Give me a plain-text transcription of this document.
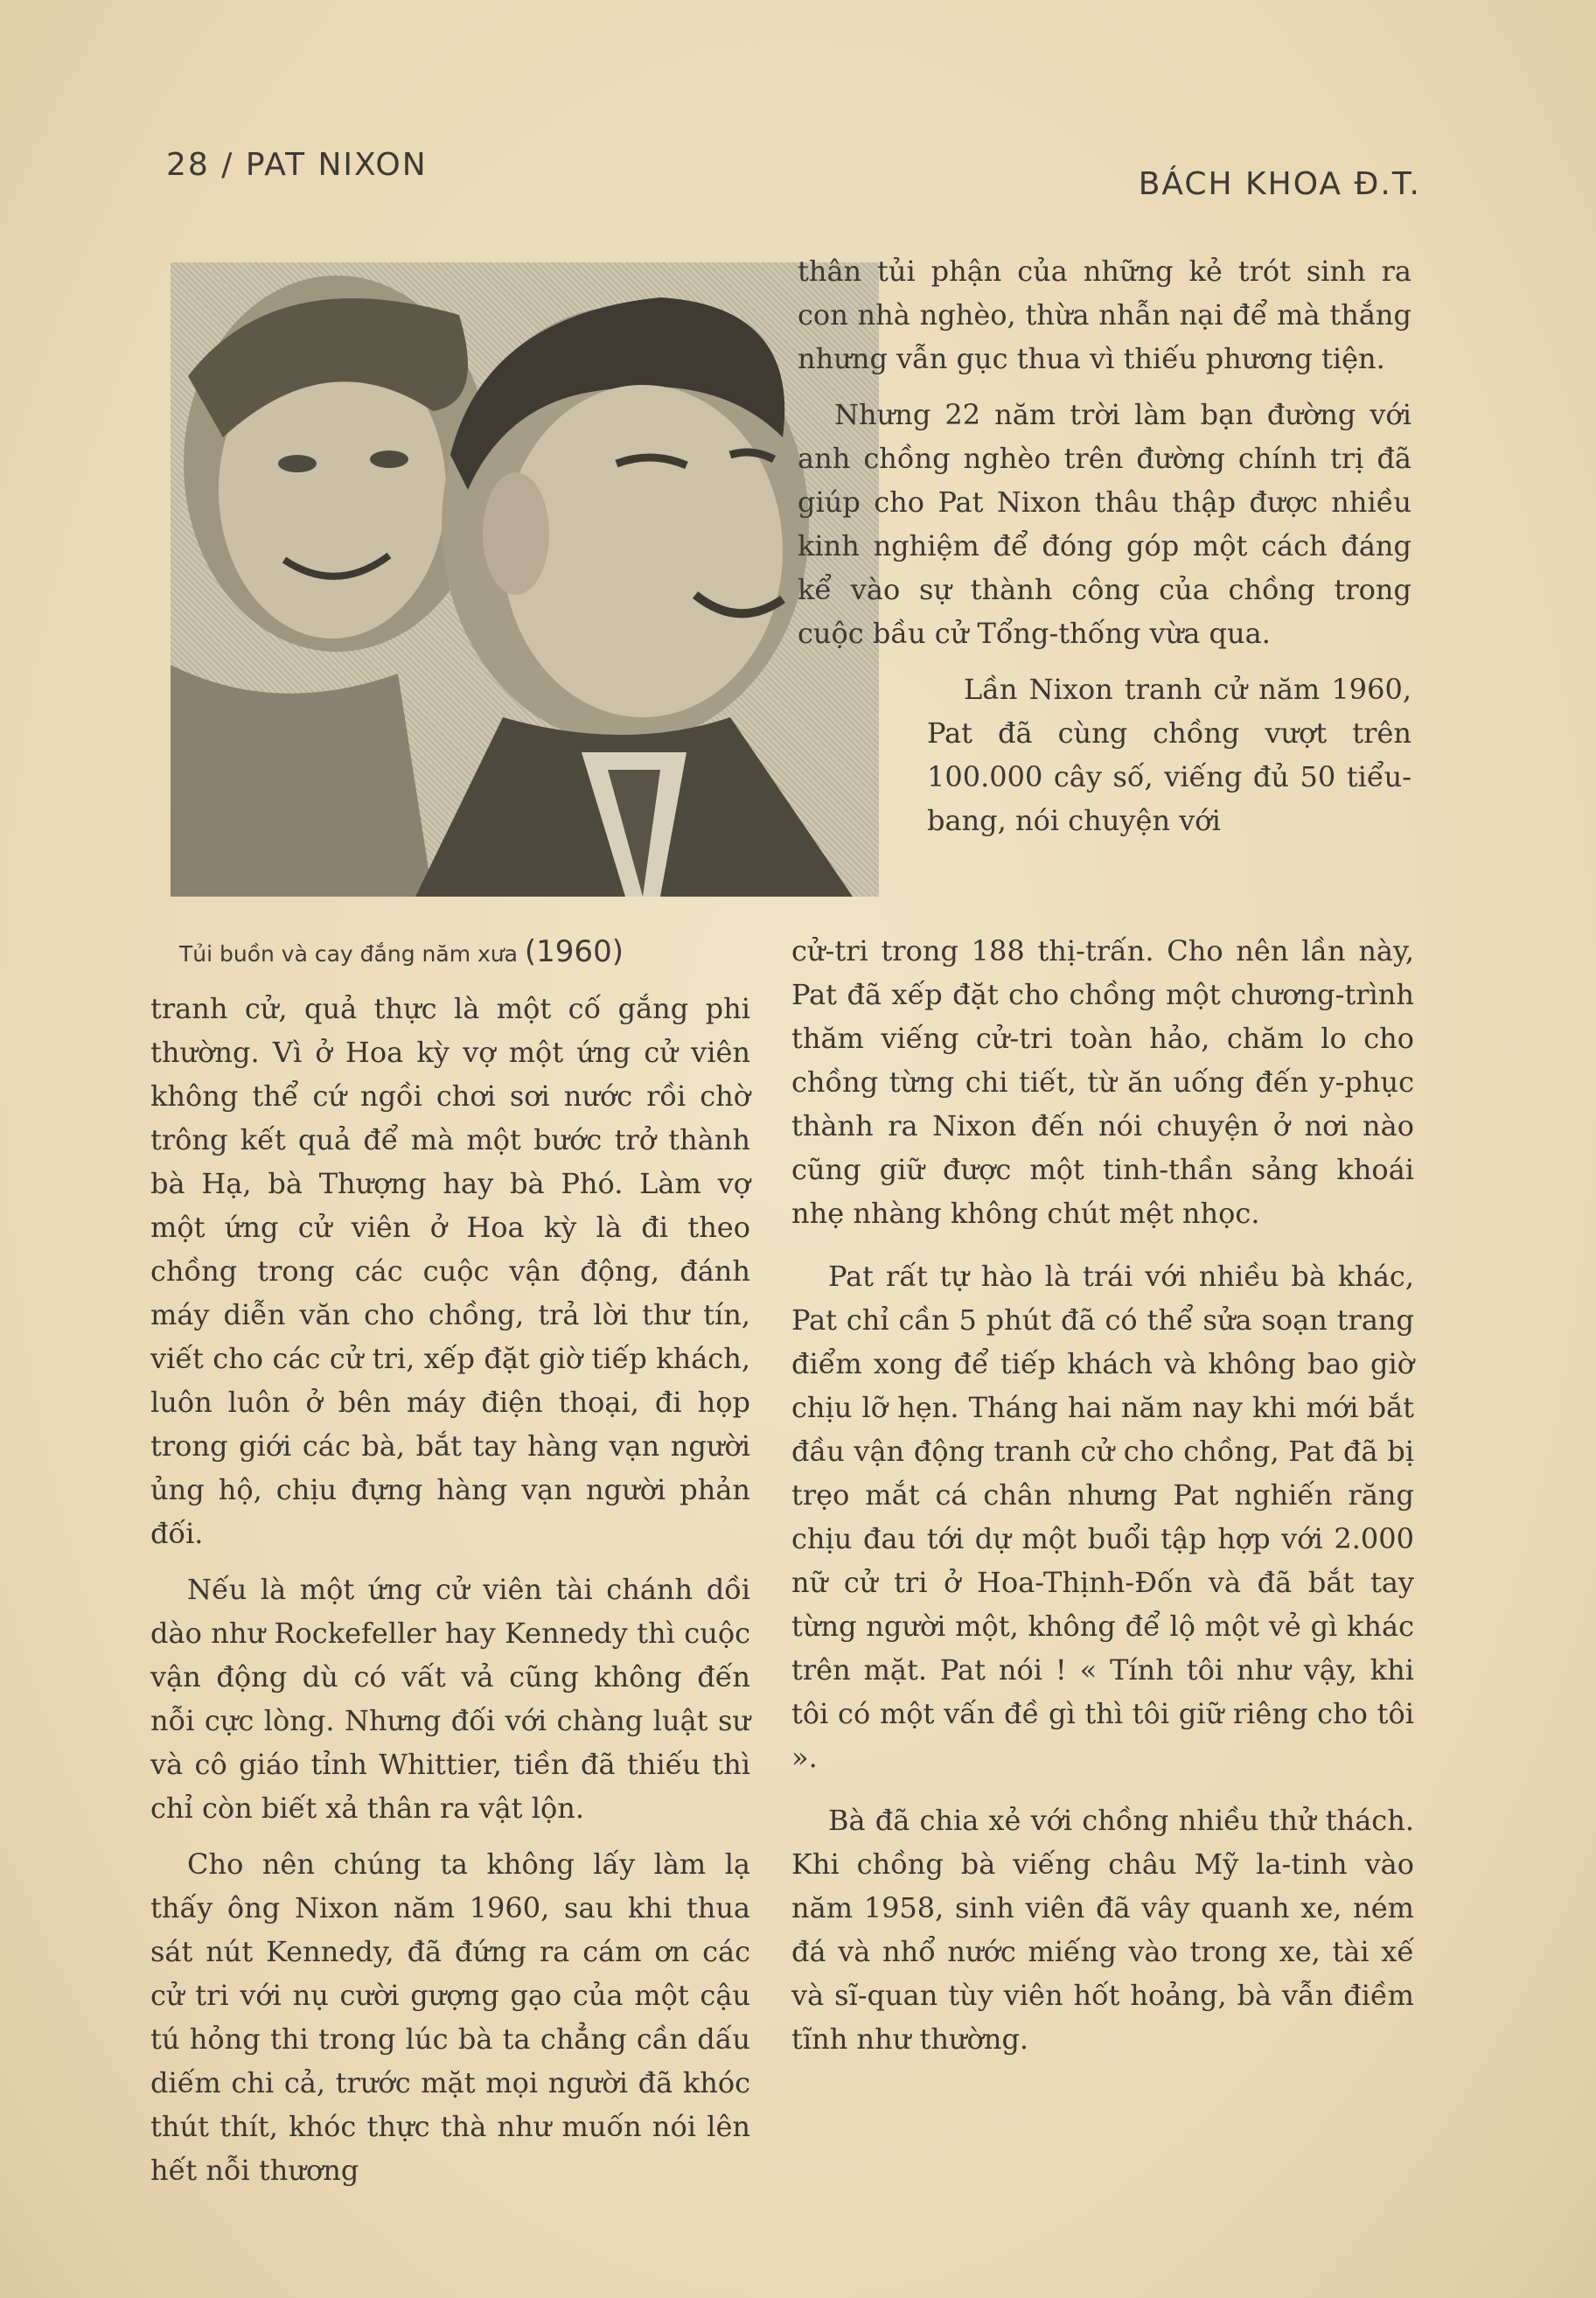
28 / PAT NIXON
BÁCH KHOA Đ.T.
Tủi buồn và cay đắng năm xưa (1960)

thân tủi phận của những kẻ trót sinh ra con nhà nghèo, thừa nhẫn nại để mà thắng nhưng vẫn gục thua vì thiếu phương tiện.

Nhưng 22 năm trời làm bạn đường với anh chồng nghèo trên đường chính trị đã giúp cho Pat Nixon thâu thập được nhiều kinh nghiệm để đóng góp một cách đáng kể vào sự thành công của chồng trong cuộc bầu cử Tổng-thống vừa qua.

Lần Nixon tranh cử năm 1960, Pat đã cùng chồng vượt trên 100.000 cây số, viếng đủ 50 tiểu-bang, nói chuyện với

cử-tri trong 188 thị-trấn. Cho nên lần này, Pat đã xếp đặt cho chồng một chương-trình thăm viếng cử-tri toàn hảo, chăm lo cho chồng từng chi tiết, từ ăn uống đến y-phục thành ra Nixon đến nói chuyện ở nơi nào cũng giữ được một tinh-thần sảng khoái nhẹ nhàng không chút mệt nhọc.

Pat rất tự hào là trái với nhiều bà khác, Pat chỉ cần 5 phút đã có thể sửa soạn trang điểm xong để tiếp khách và không bao giờ chịu lỡ hẹn. Tháng hai năm nay khi mới bắt đầu vận động tranh cử cho chồng, Pat đã bị trẹo mắt cá chân nhưng Pat nghiến răng chịu đau tới dự một buổi tập hợp với 2.000 nữ cử tri ở Hoa-Thịnh-Đốn và đã bắt tay từng người một, không để lộ một vẻ gì khác trên mặt. Pat nói ! « Tính tôi như vậy, khi tôi có một vấn đề gì thì tôi giữ riêng cho tôi ».

Bà đã chia xẻ với chồng nhiều thử thách. Khi chồng bà viếng châu Mỹ la-tinh vào năm 1958, sinh viên đã vây quanh xe, ném đá và nhổ nước miếng vào trong xe, tài xế và sĩ-quan tùy viên hốt hoảng, bà vẫn điềm tĩnh như thường.

tranh cử, quả thực là một cố gắng phi thường. Vì ở Hoa kỳ vợ một ứng cử viên không thể cứ ngồi chơi sơi nước rồi chờ trông kết quả để mà một bước trở thành bà Hạ, bà Thượng hay bà Phó. Làm vợ một ứng cử viên ở Hoa kỳ là đi theo chồng trong các cuộc vận động, đánh máy diễn văn cho chồng, trả lời thư tín, viết cho các cử tri, xếp đặt giờ tiếp khách, luôn luôn ở bên máy điện thoại, đi họp trong giới các bà, bắt tay hàng vạn người ủng hộ, chịu đựng hàng vạn người phản đối.

Nếu là một ứng cử viên tài chánh dồi dào như Rockefeller hay Kennedy thì cuộc vận động dù có vất vả cũng không đến nỗi cực lòng. Nhưng đối với chàng luật sư và cô giáo tỉnh Whittier, tiền đã thiếu thì chỉ còn biết xả thân ra vật lộn.

Cho nên chúng ta không lấy làm lạ thấy ông Nixon năm 1960, sau khi thua sát nút Kennedy, đã đứng ra cám ơn các cử tri với nụ cười gượng gạo của một cậu tú hỏng thi trong lúc bà ta chẳng cần dấu diếm chi cả, trước mặt mọi người đã khóc thút thít, khóc thực thà như muốn nói lên hết nỗi thương
